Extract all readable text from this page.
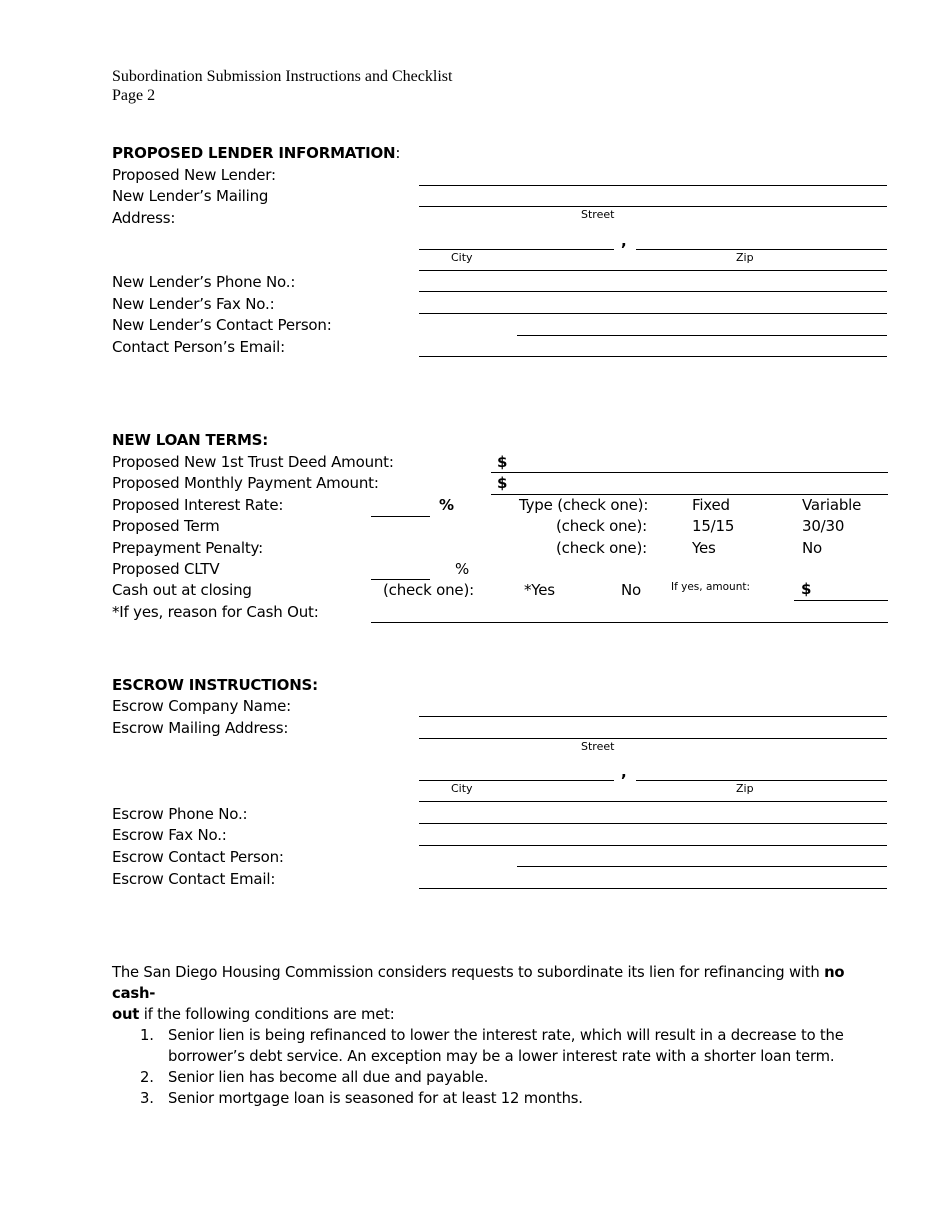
Subordination Submission Instructions and Checklist
Page 2
PROPOSED LENDER INFORMATION:
Proposed New Lender:
New Lender’s Mailing
Address:	Street
,
City	Zip
New Lender’s Phone No.:
New Lender’s Fax No.:
New Lender’s Contact Person:
Contact Person’s Email:
NEW LOAN TERMS:
Proposed New 1st Trust Deed Amount:	$
Proposed Monthly Payment Amount:	$
Proposed Interest Rate:	%	Type (check one):	Fixed	Variable
Proposed Term	(check one):	15/15	30/30
Prepayment Penalty:	(check one):	Yes	No
Proposed CLTV	%
Cash out at closing	(check one):	*Yes	No	If yes, amount:	$
*If yes, reason for Cash Out:
ESCROW INSTRUCTIONS:
Escrow Company Name:
Escrow Mailing Address:
Street
,
City	Zip
Escrow Phone No.:
Escrow Fax No.:
Escrow Contact Person:
Escrow Contact Email:
The San Diego Housing Commission considers requests to subordinate its lien for refinancing with no cash-
out if the following conditions are met:
1. Senior lien is being refinanced to lower the interest rate, which will result in a decrease to the
borrower’s debt service. An exception may be a lower interest rate with a shorter loan term.
2. Senior lien has become all due and payable.
3. Senior mortgage loan is seasoned for at least 12 months.
